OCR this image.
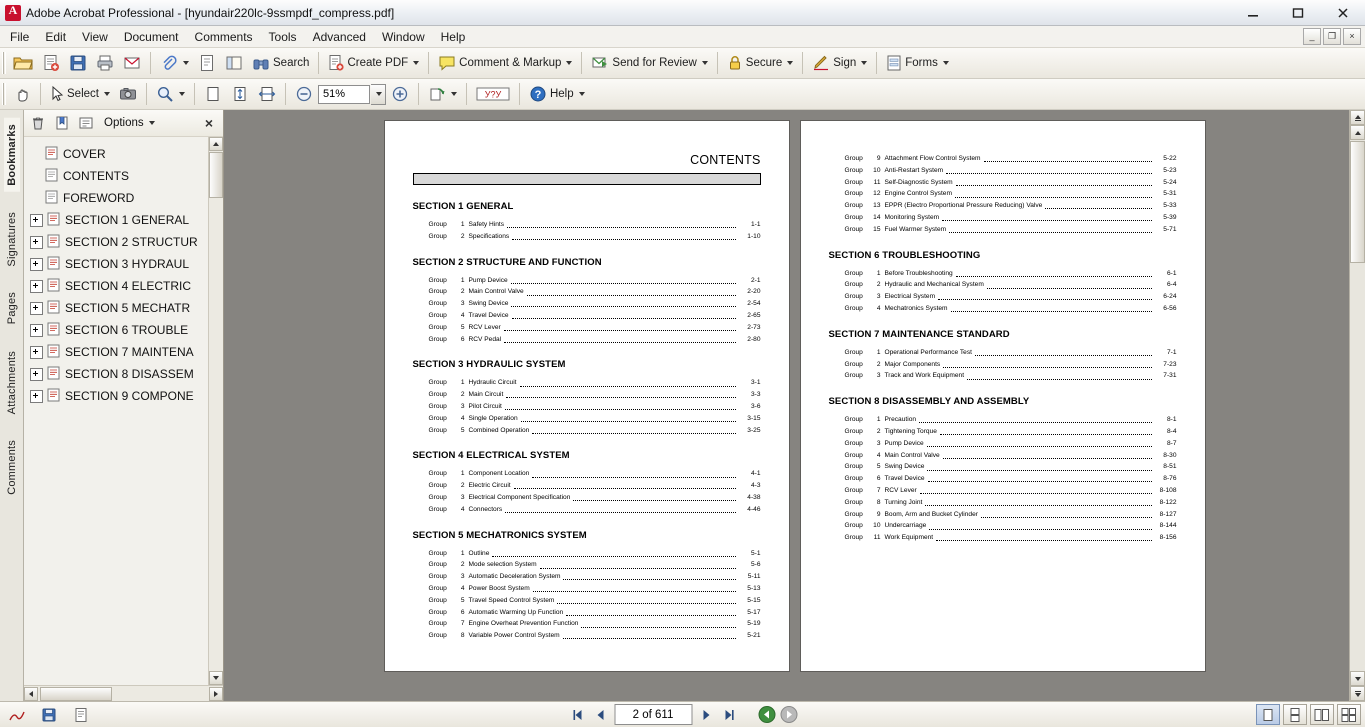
A
Adobe Acrobat Professional - [hyundair220lc-9ssmpdf_compress.pdf]
File	Edit	View	Document	Comments	Tools	Advanced	Window	Help	_	❐	×
Search	Create PDF	Comment & Markup	Send for Review	Secure	Sign	Forms
Select	51%	У?У	? Help
Bookmarks
Signatures
Pages
Attachments
Comments
Options	×
COVER
CONTENTS
FOREWORD
SECTION 1 GENERAL
SECTION 2 STRUCTUR
SECTION 3 HYDRAUL
SECTION 4 ELECTRIC
SECTION 5 MECHATR
SECTION 6 TROUBLE
SECTION 7 MAINTENA
SECTION 8 DISASSEM
SECTION 9 COMPONE
CONTENTS
SECTION 1 GENERAL
Group	1 Safety Hints	1-1
Group	2 Specifications	1-10
SECTION 2 STRUCTURE AND FUNCTION
Group	1 Pump Device	2-1
Group	2 Main Control Valve	2-20
Group	3 Swing Device	2-54
Group	4 Travel Device	2-65
Group	5 RCV Lever	2-73
Group	6 RCV Pedal	2-80
SECTION 3 HYDRAULIC SYSTEM
Group	1 Hydraulic Circuit	3-1
Group	2 Main Circuit	3-3
Group	3 Pilot Circuit	3-6
Group	4 Single Operation	3-15
Group	5 Combined Operation	3-25
SECTION 4 ELECTRICAL SYSTEM
Group	1 Component Location	4-1
Group	2 Electric Circuit	4-3
Group	3 Electrical Component Specification	4-38
Group	4 Connectors	4-46
SECTION 5 MECHATRONICS SYSTEM
Group	1 Outline	5-1
Group	2 Mode selection System	5-6
Group	3 Automatic Deceleration System	5-11
Group	4 Power Boost System	5-13
Group	5 Travel Speed Control System	5-15
Group	6 Automatic Warming Up Function	5-17
Group	7 Engine Overheat Prevention Function	5-19
Group	8 Variable Power Control System	5-21
Group	9 Attachment Flow Control System	5-22
Group	10 Anti-Restart System	5-23
Group	11 Self-Diagnostic System	5-24
Group	12 Engine Control System	5-31
Group	13 EPPR (Electro Proportional Pressure Reducing) Valve	5-33
Group	14 Monitoring System	5-39
Group	15 Fuel Warmer System	5-71
SECTION 6 TROUBLESHOOTING
Group	1 Before Troubleshooting	6-1
Group	2 Hydraulic and Mechanical System	6-4
Group	3 Electrical System	6-24
Group	4 Mechatronics System	6-56
SECTION 7 MAINTENANCE STANDARD
Group	1 Operational Performance Test	7-1
Group	2 Major Components	7-23
Group	3 Track and Work Equipment	7-31
SECTION 8 DISASSEMBLY AND ASSEMBLY
Group	1 Precaution	8-1
Group	2 Tightening Torque	8-4
Group	3 Pump Device	8-7
Group	4 Main Control Valve	8-30
Group	5 Swing Device	8-51
Group	6 Travel Device	8-76
Group	7 RCV Lever	8-108
Group	8 Turning Joint	8-122
Group	9 Boom, Arm and Bucket Cylinder	8-127
Group	10 Undercarriage	8-144
Group	11 Work Equipment	8-156
2 of 611
